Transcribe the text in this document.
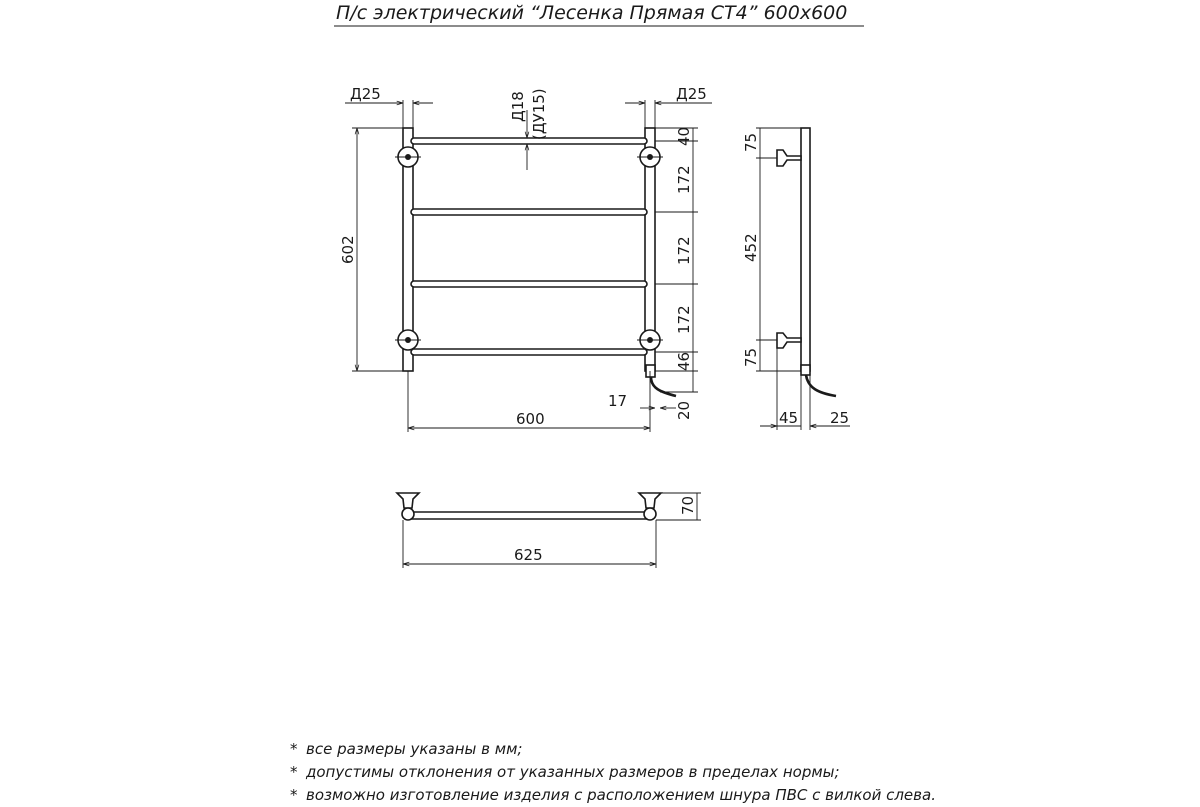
П/с электрический “Лесенка Прямая СТ4” 600х600
Д25	Д25
Д18 (ДУ15)
602
40
172
172
172
46
20
17
600
75
452
75
45 25
70
625
* все размеры указаны в мм;
* допустимы отклонения от указанных размеров в пределах нормы;
* возможно изготовление изделия с расположением шнура ПВС с вилкой слева.
